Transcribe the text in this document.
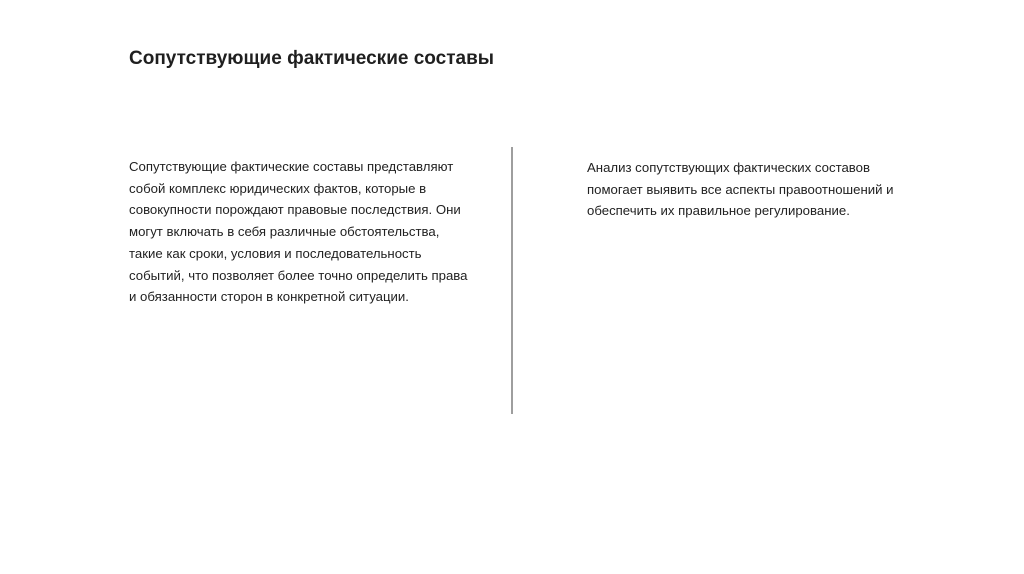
Сопутствующие фактические составы

Сопутствующие фактические составы представляют собой комплекс юридических фактов, которые в совокупности порождают правовые последствия. Они могут включать в себя различные обстоятельства, такие как сроки, условия и последовательность событий, что позволяет более точно определить права и обязанности сторон в конкретной ситуации.

Анализ сопутствующих фактических составов помогает выявить все аспекты правоотношений и обеспечить их правильное регулирование.
